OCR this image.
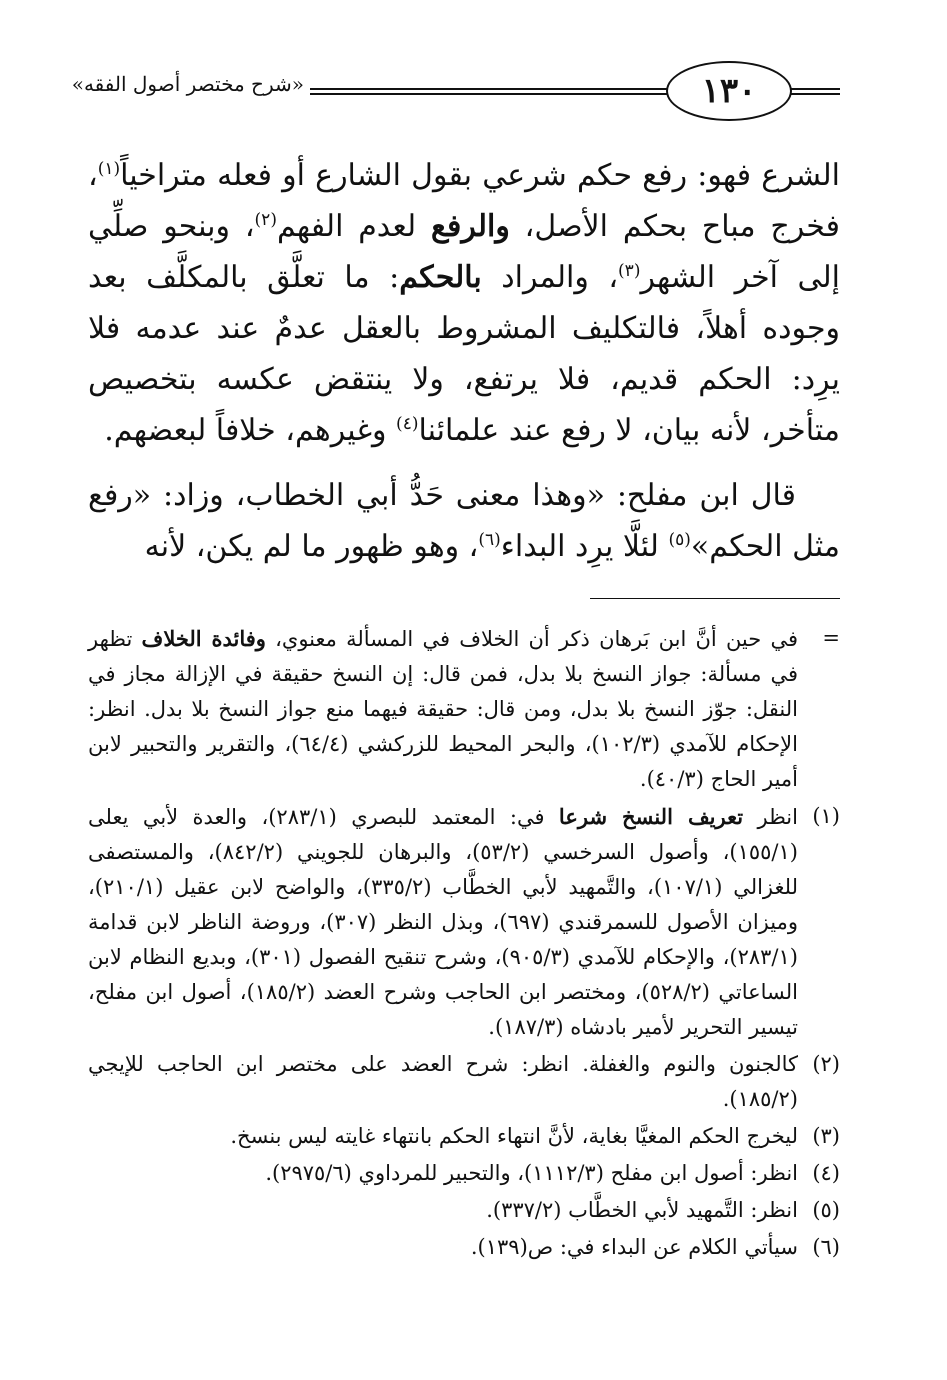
١٣٠
«شرح مختصر أصول الفقه»

الشرع فهو: رفع حكم شرعي بقول الشارع أو فعله متراخياً$^{(١)}$، فخرج مباح بحكم الأصل، والرفع لعدم الفهم$^{(٢)}$، وبنحو صلِّي إلى آخر الشهر$^{(٣)}$، والمراد بالحكم: ما تعلَّق بالمكلَّف بعد وجوده أهلاً، فالتكليف المشروط بالعقل عدمٌ عند عدمه فلا يرِد: الحكم قديم، فلا يرتفع، ولا ينتقض عكسه بتخصيص متأخر، لأنه بيان، لا رفع عند علمائنا$^{(٤)}$ وغيرهم، خلافاً لبعضهم.

قال ابن مفلح: «وهذا معنى حَدُّ أبي الخطاب، وزاد: «رفع مثل الحكم»$^{(٥)}$ لئلَّا يرِد البداء$^{(٦)}$، وهو ظهور ما لم يكن، لأنه

=
في حين أنَّ ابن بَرهان ذكر أن الخلاف في المسألة معنوي، وفائدة الخلاف تظهر في مسألة: جواز النسخ بلا بدل، فمن قال: إن النسخ حقيقة في الإزالة مجاز في النقل: جوّز النسخ بلا بدل، ومن قال: حقيقة فيهما منع جواز النسخ بلا بدل. انظر: الإحكام للآمدي (١٠٢/٣)، والبحر المحيط للزركشي (٦٤/٤)، والتقرير والتحبير لابن أمير الحاج (٤٠/٣).
(١)
انظر تعريف النسخ شرعا في: المعتمد للبصري (٢٨٣/١)، والعدة لأبي يعلى (١٥٥/١)، وأصول السرخسي (٥٣/٢)، والبرهان للجويني (٨٤٢/٢)، والمستصفى للغزالي (١٠٧/١)، والتَّمهيد لأبي الخطَّاب (٣٣٥/٢)، والواضح لابن عقيل (٢١٠/١)، وميزان الأصول للسمرقندي (٦٩٧)، وبذل النظر (٣٠٧)، وروضة الناظر لابن قدامة (٢٨٣/١)، والإحكام للآمدي (٩٠٥/٣)، وشرح تنقيح الفصول (٣٠١)، وبديع النظام لابن الساعاتي (٥٢٨/٢)، ومختصر ابن الحاجب وشرح العضد (١٨٥/٢)، أصول ابن مفلح، تيسير التحرير لأمير بادشاه (١٨٧/٣).
(٢)
كالجنون والنوم والغفلة. انظر: شرح العضد على مختصر ابن الحاجب للإيجي (١٨٥/٢).
(٣)
ليخرج الحكم المغيَّا بغاية، لأنَّ انتهاء الحكم بانتهاء غايته ليس بنسخ.
(٤)
انظر: أصول ابن مفلح (١١١٢/٣)، والتحبير للمرداوي (٢٩٧٥/٦).
(٥)
انظر: التَّمهيد لأبي الخطَّاب (٣٣٧/٢).
(٦)
سيأتي الكلام عن البداء في: ص(١٣٩).
